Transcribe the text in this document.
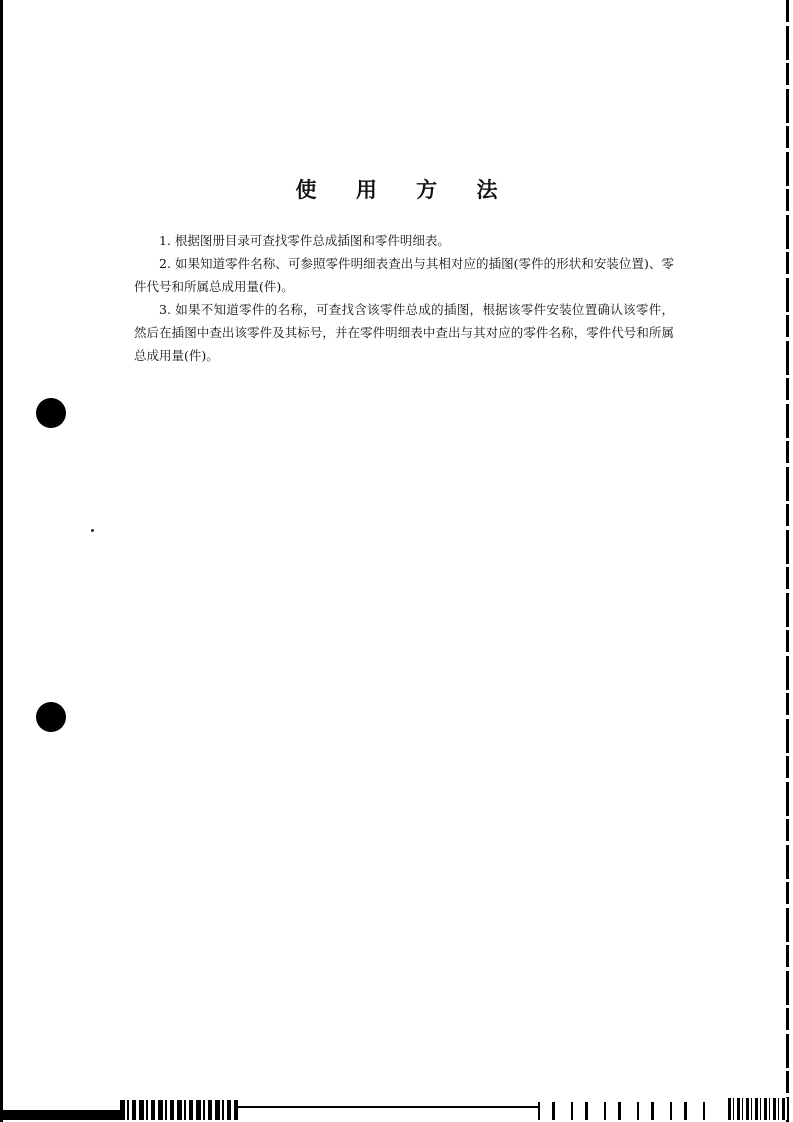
使 用 方 法

1. 根据图册目录可查找零件总成插图和零件明细表。

2. 如果知道零件名称、可参照零件明细表查出与其相对应的插图(零件的形状和安装位置)、零件代号和所属总成用量(件)。

3. 如果不知道零件的名称，可查找含该零件总成的插图，根据该零件安装位置确认该零件，然后在插图中查出该零件及其标号，并在零件明细表中查出与其对应的零件名称，零件代号和所属总成用量(件)。
